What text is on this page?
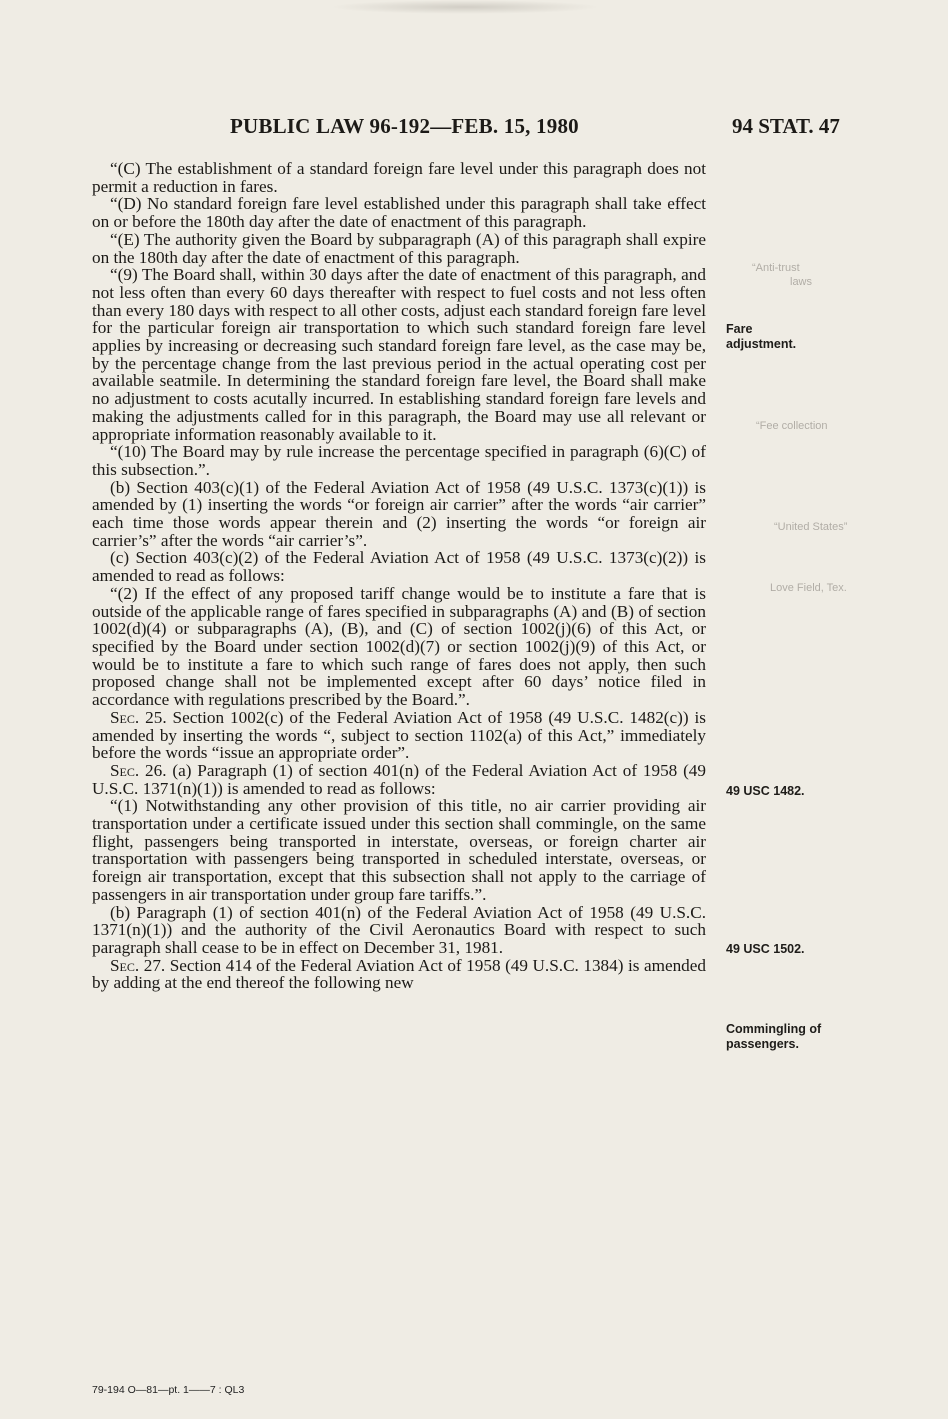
PUBLIC LAW 96-192—FEB. 15, 1980	94 STAT. 47
“Anti-trust
laws
“Fee collection
“United States”
Love Field, Tex.

“(C) The establishment of a standard foreign fare level under this paragraph does not permit a reduction in fares.

“(D) No standard foreign fare level established under this paragraph shall take effect on or before the 180th day after the date of enactment of this paragraph.

“(E) The authority given the Board by subparagraph (A) of this paragraph shall expire on the 180th day after the date of enactment of this paragraph.

“(9) The Board shall, within 30 days after the date of enactment of this paragraph, and not less often than every 60 days thereafter with respect to fuel costs and not less often than every 180 days with respect to all other costs, adjust each standard foreign fare level for the particular foreign air transportation to which such standard foreign fare level applies by increasing or decreasing such standard foreign fare level, as the case may be, by the percentage change from the last previous period in the actual operating cost per available seatmile. In determining the standard foreign fare level, the Board shall make no adjustment to costs acutally incurred. In establishing standard foreign fare levels and making the adjustments called for in this paragraph, the Board may use all relevant or appropriate information reasonably available to it.

“(10) The Board may by rule increase the percentage specified in paragraph (6)(C) of this subsection.”.

(b) Section 403(c)(1) of the Federal Aviation Act of 1958 (49 U.S.C. 1373(c)(1)) is amended by (1) inserting the words “or foreign air carrier” after the words “air carrier” each time those words appear therein and (2) inserting the words “or foreign air carrier’s” after the words “air carrier’s”.

(c) Section 403(c)(2) of the Federal Aviation Act of 1958 (49 U.S.C. 1373(c)(2)) is amended to read as follows:

“(2) If the effect of any proposed tariff change would be to institute a fare that is outside of the applicable range of fares specified in subparagraphs (A) and (B) of section 1002(d)(4) or subparagraphs (A), (B), and (C) of section 1002(j)(6) of this Act, or specified by the Board under section 1002(d)(7) or section 1002(j)(9) of this Act, or would be to institute a fare to which such range of fares does not apply, then such proposed change shall not be implemented except after 60 days’ notice filed in accordance with regulations prescribed by the Board.”.

Sec. 25. Section 1002(c) of the Federal Aviation Act of 1958 (49 U.S.C. 1482(c)) is amended by inserting the words “, subject to section 1102(a) of this Act,” immediately before the words “issue an appropriate order”.

Sec. 26. (a) Paragraph (1) of section 401(n) of the Federal Aviation Act of 1958 (49 U.S.C. 1371(n)(1)) is amended to read as follows:

“(1) Notwithstanding any other provision of this title, no air carrier providing air transportation under a certificate issued under this section shall commingle, on the same flight, passengers being transported in interstate, overseas, or foreign charter air transportation with passengers being transported in scheduled interstate, overseas, or foreign air transportation, except that this subsection shall not apply to the carriage of passengers in air transportation under group fare tariffs.”.

(b) Paragraph (1) of section 401(n) of the Federal Aviation Act of 1958 (49 U.S.C. 1371(n)(1)) and the authority of the Civil Aeronautics Board with respect to such paragraph shall cease to be in effect on December 31, 1981.

Sec. 27. Section 414 of the Federal Aviation Act of 1958 (49 U.S.C. 1384) is amended by adding at the end thereof the following new

Fare adjustment.
49 USC 1482.
49 USC 1502.
Commingling of passengers.
79-194 O—81—pt. 1——7 : QL3
